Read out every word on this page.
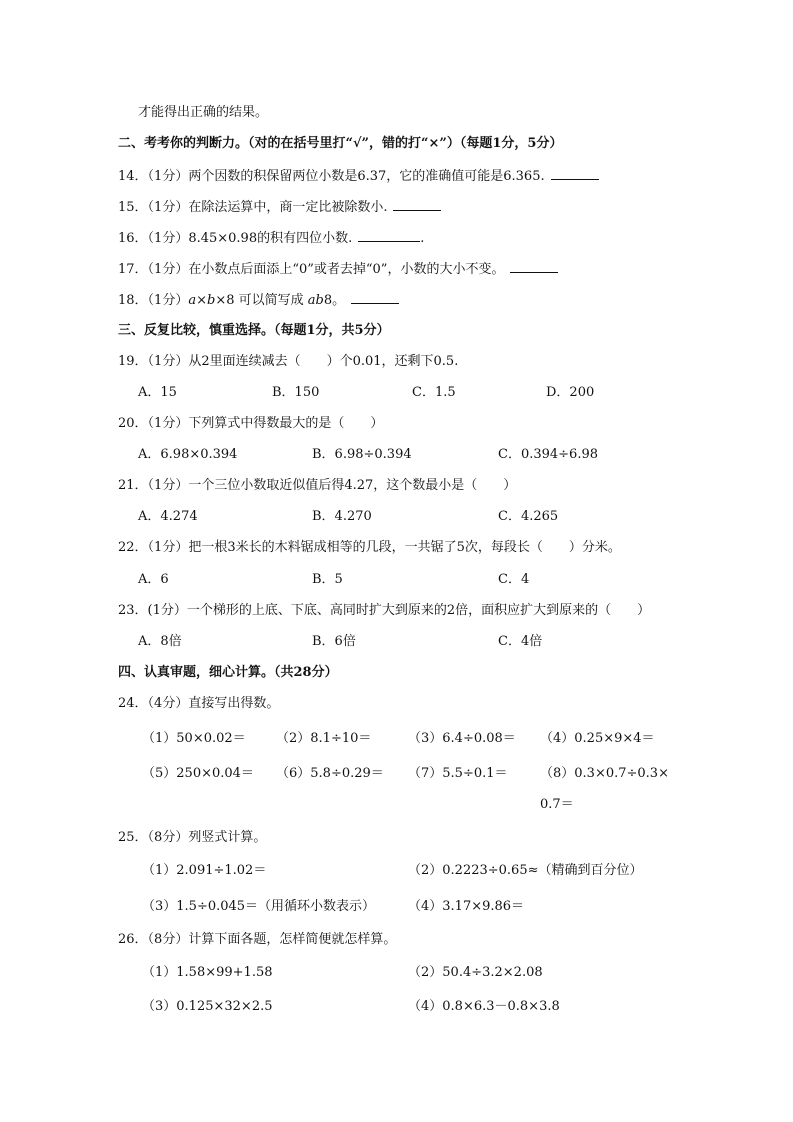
才能得出正确的结果。
二、考考你的判断力。（对的在括号里打“√”，错的打“×”）（每题1分，5分）
14．（1分）两个因数的积保留两位小数是6.37，它的准确值可能是6.365.
15．（1分）在除法运算中，商一定比被除数小.
16．（1分）8.45×0.98的积有四位小数.	.
17．（1分）在小数点后面添上“0”或者去掉“0”，小数的大小不变。
18．（1分）a×b×8 可以简写成 ab8。
三、反复比较，慎重选择。（每题1分，共5分）
19．（1分）从2里面连续减去（　　）个0.01，还剩下0.5.
A．15	B．150	C．1.5	D．200
20．（1分）下列算式中得数最大的是（　　）
A．6.98×0.394	B．6.98÷0.394	C．0.394÷6.98
21．（1分）一个三位小数取近似值后得4.27，这个数最小是（　　）
A．4.274	B．4.270	C．4.265
22．（1分）把一根3米长的木料锯成相等的几段，一共锯了5次，每段长（　　）分米。
A．6	B．5	C．4
23．(1分）一个梯形的上底、下底、高同时扩大到原来的2倍，面积应扩大到原来的（　　）
A．8倍	B．6倍	C．4倍
四、认真审题，细心计算。（共28分）
24．（4分）直接写出得数。
（1）50×0.02＝ （2）8.1÷10＝	（3）6.4÷0.08＝ （4）0.25×9×4＝
（5）250×0.04＝ （6）5.8÷0.29＝ （7）5.5÷0.1＝ （8）0.3×0.7÷0.3×
0.7＝
25．（8分）列竖式计算。
（1）2.091÷1.02＝	（2）0.2223÷0.65≈（精确到百分位）
（3）1.5÷0.045＝（用循环小数表示）	（4）3.17×9.86＝
26．（8分）计算下面各题，怎样简便就怎样算。
（1）1.58×99+1.58	（2）50.4÷3.2×2.08
（3）0.125×32×2.5	（4）0.8×6.3－0.8×3.8
